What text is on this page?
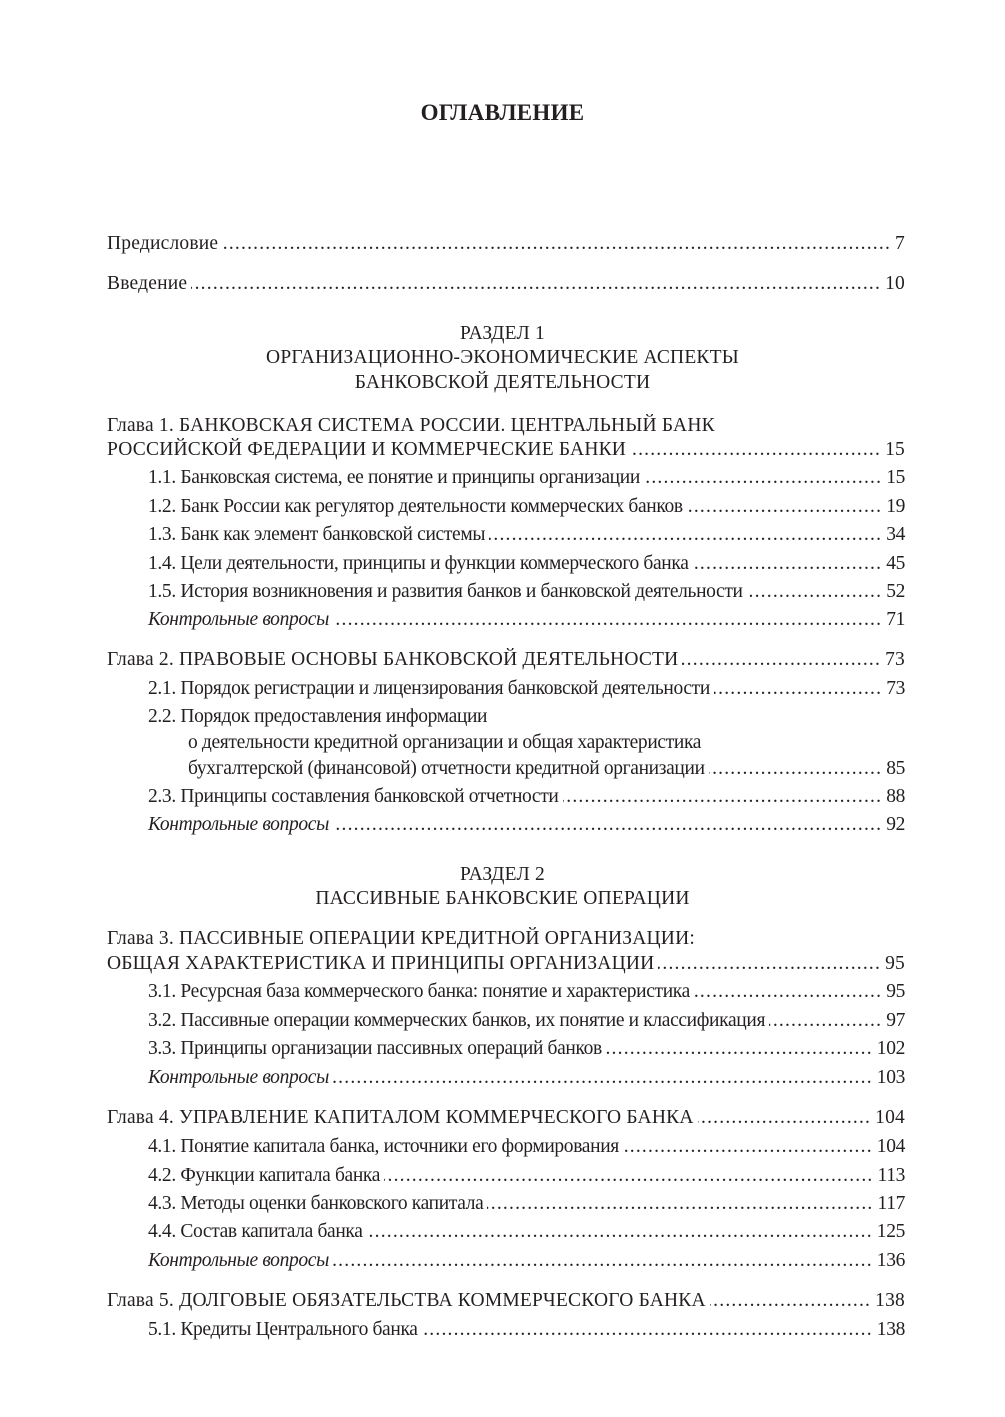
ОГЛАВЛЕНИЕ
Предисловие .....	7
Введение .....	10
РАЗДЕЛ 1
ОРГАНИЗАЦИОННО-ЭКОНОМИЧЕСКИЕ АСПЕКТЫ
БАНКОВСКОЙ ДЕЯТЕЛЬНОСТИ
Глава 1. БАНКОВСКАЯ СИСТЕМА РОССИИ. ЦЕНТРАЛЬНЫЙ БАНК
РОССИЙСКОЙ ФЕДЕРАЦИИ И КОММЕРЧЕСКИЕ БАНКИ .....	15
1.1. Банковская система, ее понятие и принципы организации .....	15
1.2. Банк России как регулятор деятельности коммерческих банков .....	19
1.3. Банк как элемент банковской системы .....	34
1.4. Цели деятельности, принципы и функции коммерческого банка .....	45
1.5. История возникновения и развития банков и банковской деятельности .....	52
Контрольные вопросы .....	71
Глава 2. ПРАВОВЫЕ ОСНОВЫ БАНКОВСКОЙ ДЕЯТЕЛЬНОСТИ .....	73
2.1. Порядок регистрации и лицензирования банковской деятельности .....	73
2.2. Порядок предоставления информации
о деятельности кредитной организации и общая характеристика
бухгалтерской (финансовой) отчетности кредитной организации .....	85
2.3. Принципы составления банковской отчетности .....	88
Контрольные вопросы .....	92
РАЗДЕЛ 2
ПАССИВНЫЕ БАНКОВСКИЕ ОПЕРАЦИИ
Глава 3. ПАССИВНЫЕ ОПЕРАЦИИ КРЕДИТНОЙ ОРГАНИЗАЦИИ:
ОБЩАЯ ХАРАКТЕРИСТИКА И ПРИНЦИПЫ ОРГАНИЗАЦИИ .....	95
3.1. Ресурсная база коммерческого банка: понятие и характеристика .....	95
3.2. Пассивные операции коммерческих банков, их понятие и классификация .....	97
3.3. Принципы организации пассивных операций банков .....	102
Контрольные вопросы .....	103
Глава 4. УПРАВЛЕНИЕ КАПИТАЛОМ КОММЕРЧЕСКОГО БАНКА .....	104
4.1. Понятие капитала банка, источники его формирования .....	104
4.2. Функции капитала банка .....	113
4.3. Методы оценки банковского капитала .....	117
4.4. Состав капитала банка .....	125
Контрольные вопросы .....	136
Глава 5. ДОЛГОВЫЕ ОБЯЗАТЕЛЬСТВА КОММЕРЧЕСКОГО БАНКА .....	138
5.1. Кредиты Центрального банка .....	138
